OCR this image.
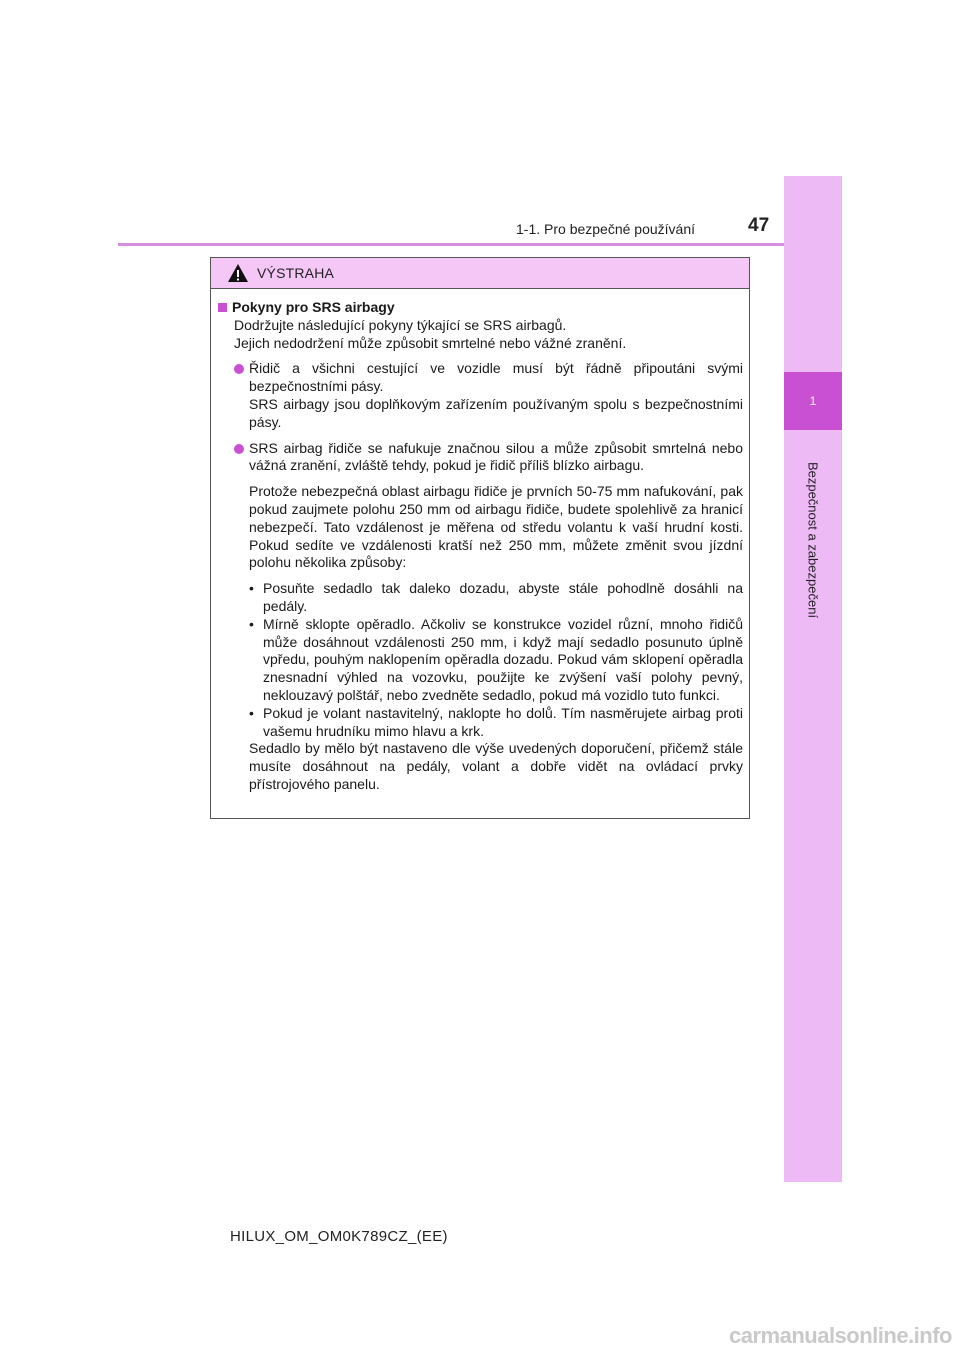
1
Bezpečnost a zabezpečení
1-1. Pro bezpečné používání	47
VÝSTRAHA
Pokyny pro SRS airbagy

Dodržujte následující pokyny týkající se SRS airbagů.

Jejich nedodržení může způsobit smrtelné nebo vážné zranění.

Řidič a všichni cestující ve vozidle musí být řádně připoutáni svými bezpečnostními pásy.

SRS airbagy jsou doplňkovým zařízením používaným spolu s bezpečnostními pásy.

SRS airbag řidiče se nafukuje značnou silou a může způsobit smrtelná nebo vážná zranění, zvláště tehdy, pokud je řidič příliš blízko airbagu.

Protože nebezpečná oblast airbagu řidiče je prvních 50-75 mm nafukování, pak pokud zaujmete polohu 250 mm od airbagu řidiče, budete spolehlivě za hranicí nebezpečí. Tato vzdálenost je měřena od středu volantu k vaší hrudní kosti. Pokud sedíte ve vzdálenosti kratší než 250 mm, můžete změnit svou jízdní polohu několika způsoby:

• Posuňte sedadlo tak daleko dozadu, abyste stále pohodlně dosáhli na pedály.
• Mírně sklopte opěradlo. Ačkoliv se konstrukce vozidel různí, mnoho řidičů může dosáhnout vzdálenosti 250 mm, i když mají sedadlo posunuto úplně vpředu, pouhým naklopením opěradla dozadu. Pokud vám sklopení opěradla znesnadní výhled na vozovku, použijte ke zvýšení vaší polohy pevný, neklouzavý polštář, nebo zvedněte sedadlo, pokud má vozidlo tuto funkci.
• Pokud je volant nastavitelný, naklopte ho dolů. Tím nasměrujete airbag proti vašemu hrudníku mimo hlavu a krk.

Sedadlo by mělo být nastaveno dle výše uvedených doporučení, přičemž stále musíte dosáhnout na pedály, volant a dobře vidět na ovládací prvky přístrojového panelu.

HILUX_OM_OM0K789CZ_(EE)
carmanualsonline.info
